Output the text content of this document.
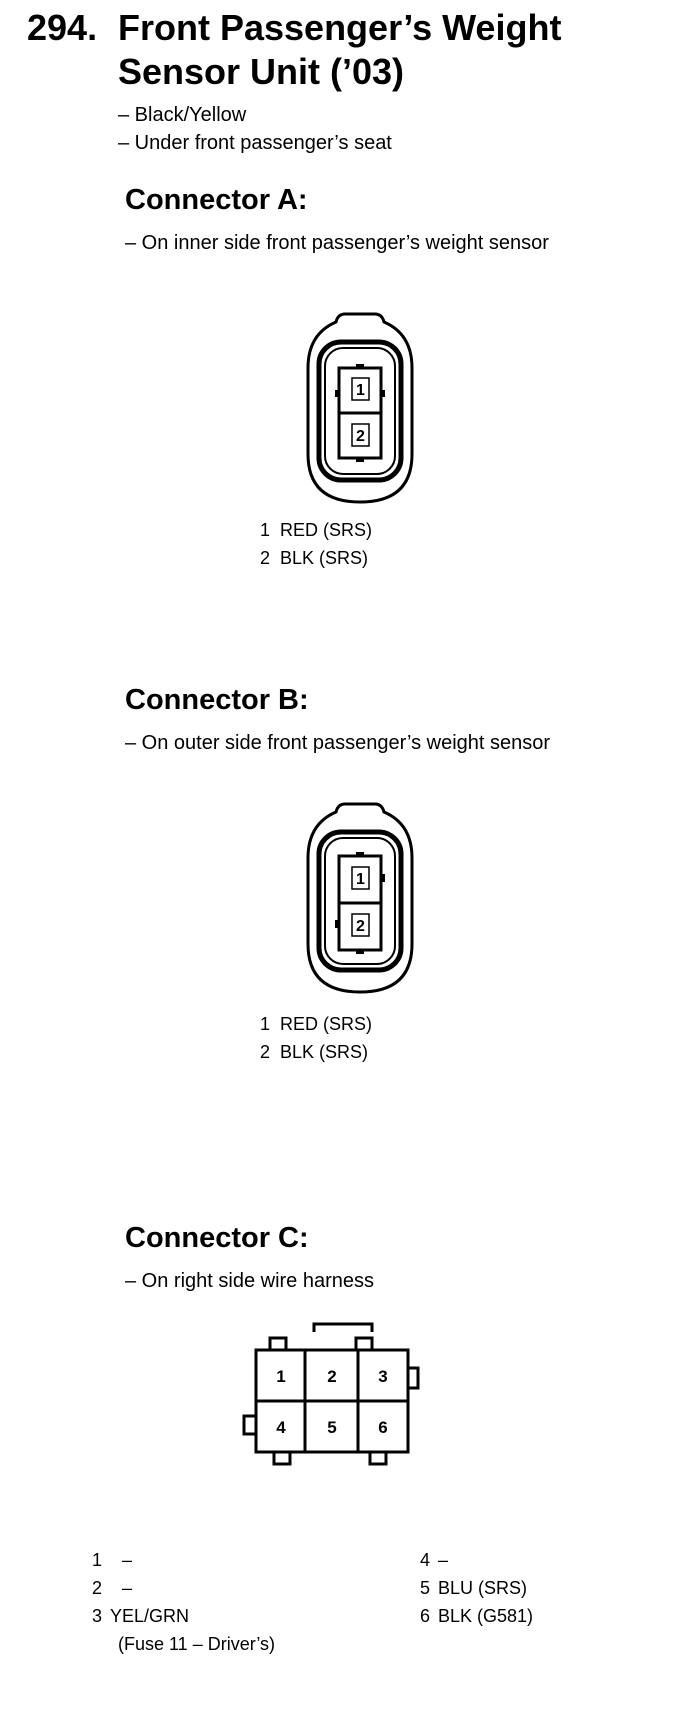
294. Front Passenger’s Weight
Sensor Unit (’03)
– Black/Yellow
– Under front passenger’s seat
Connector A:
– On inner side front passenger’s weight sensor
1
2
1 RED (SRS)
2 BLK (SRS)
Connector B:
– On outer side front passenger’s weight sensor
1
2
1 RED (SRS)
2 BLK (SRS)
Connector C:
– On right side wire harness
1 2 3
4 5 6
1 –
2 –
3 YEL/GRN
(Fuse 11 – Driver’s)
4 –
5 BLU (SRS)
6 BLK (G581)
